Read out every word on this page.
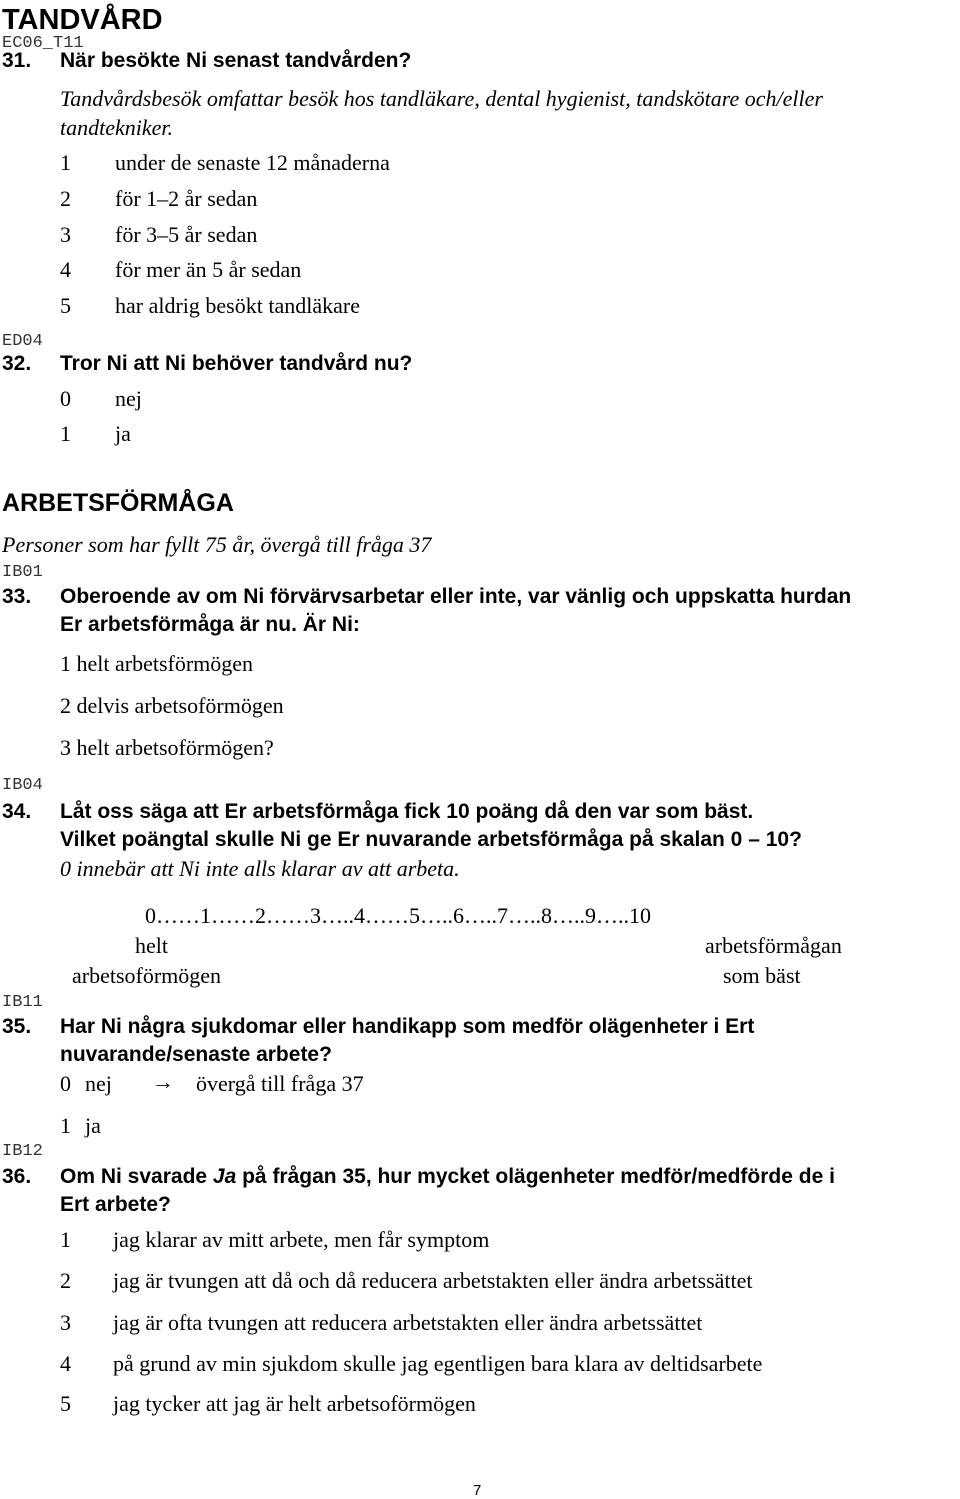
TANDVÅRD
EC06_T11
31. När besökte Ni senast tandvården?
Tandvårdsbesök omfattar besök hos tandläkare, dental hygienist, tandskötare och/eller
tandtekniker.
1 under de senaste 12 månaderna
2 för 1–2 år sedan
3 för 3–5 år sedan
4 för mer än 5 år sedan
5 har aldrig besökt tandläkare
ED04
32. Tror Ni att Ni behöver tandvård nu?
0 nej
1 ja
ARBETSFÖRMÅGA
Personer som har fyllt 75 år, övergå till fråga 37
IB01
33. Oberoende av om Ni förvärvsarbetar eller inte, var vänlig och uppskatta hurdan
Er arbetsförmåga är nu. Är Ni:
1 helt arbetsförmögen
2 delvis arbetsoförmögen
3 helt arbetsoförmögen?
IB04
34. Låt oss säga att Er arbetsförmåga fick 10 poäng då den var som bäst.
Vilket poängtal skulle Ni ge Er nuvarande arbetsförmåga på skalan 0 – 10?
0 innebär att Ni inte alls klarar av att arbeta.
0……1……2……3…..4……5…..6…..7…..8…..9…..10
helt
arbetsoförmögen
arbetsförmågan
som bäst
IB11
35. Har Ni några sjukdomar eller handikapp som medför olägenheter i Ert
nuvarande/senaste arbete?
0 nej → övergå till fråga 37
1 ja
IB12
36. Om Ni svarade Ja på frågan 35, hur mycket olägenheter medför/medförde de i
Ert arbete?
1 jag klarar av mitt arbete, men får symptom
2 jag är tvungen att då och då reducera arbetstakten eller ändra arbetssättet
3 jag är ofta tvungen att reducera arbetstakten eller ändra arbetssättet
4 på grund av min sjukdom skulle jag egentligen bara klara av deltidsarbete
5 jag tycker att jag är helt arbetsoförmögen
7
